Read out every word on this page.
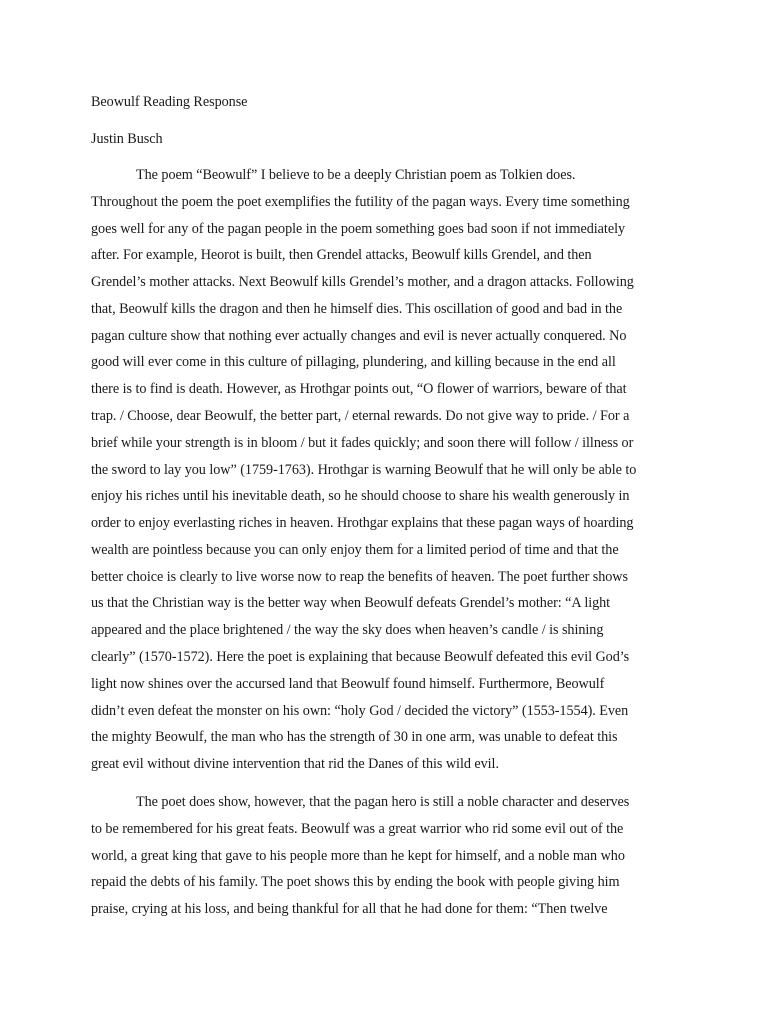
Beowulf Reading Response

Justin Busch

The poem “Beowulf” I believe to be a deeply Christian poem as Tolkien does.

Throughout the poem the poet exemplifies the futility of the pagan ways. Every time something

goes well for any of the pagan people in the poem something goes bad soon if not immediately

after. For example, Heorot is built, then Grendel attacks, Beowulf kills Grendel, and then

Grendel’s mother attacks. Next Beowulf kills Grendel’s mother, and a dragon attacks. Following

that, Beowulf kills the dragon and then he himself dies. This oscillation of good and bad in the

pagan culture show that nothing ever actually changes and evil is never actually conquered. No

good will ever come in this culture of pillaging, plundering, and killing because in the end all

there is to find is death. However, as Hrothgar points out, “O flower of warriors, beware of that

trap. / Choose, dear Beowulf, the better part, / eternal rewards. Do not give way to pride. / For a

brief while your strength is in bloom / but it fades quickly; and soon there will follow / illness or

the sword to lay you low” (1759-1763). Hrothgar is warning Beowulf that he will only be able to

enjoy his riches until his inevitable death, so he should choose to share his wealth generously in

order to enjoy everlasting riches in heaven. Hrothgar explains that these pagan ways of hoarding

wealth are pointless because you can only enjoy them for a limited period of time and that the

better choice is clearly to live worse now to reap the benefits of heaven. The poet further shows

us that the Christian way is the better way when Beowulf defeats Grendel’s mother: “A light

appeared and the place brightened / the way the sky does when heaven’s candle / is shining

clearly” (1570-1572). Here the poet is explaining that because Beowulf defeated this evil God’s

light now shines over the accursed land that Beowulf found himself. Furthermore, Beowulf

didn’t even defeat the monster on his own: “holy God / decided the victory” (1553-1554). Even

the mighty Beowulf, the man who has the strength of 30 in one arm, was unable to defeat this

great evil without divine intervention that rid the Danes of this wild evil.

The poet does show, however, that the pagan hero is still a noble character and deserves

to be remembered for his great feats. Beowulf was a great warrior who rid some evil out of the

world, a great king that gave to his people more than he kept for himself, and a noble man who

repaid the debts of his family. The poet shows this by ending the book with people giving him

praise, crying at his loss, and being thankful for all that he had done for them: “Then twelve
